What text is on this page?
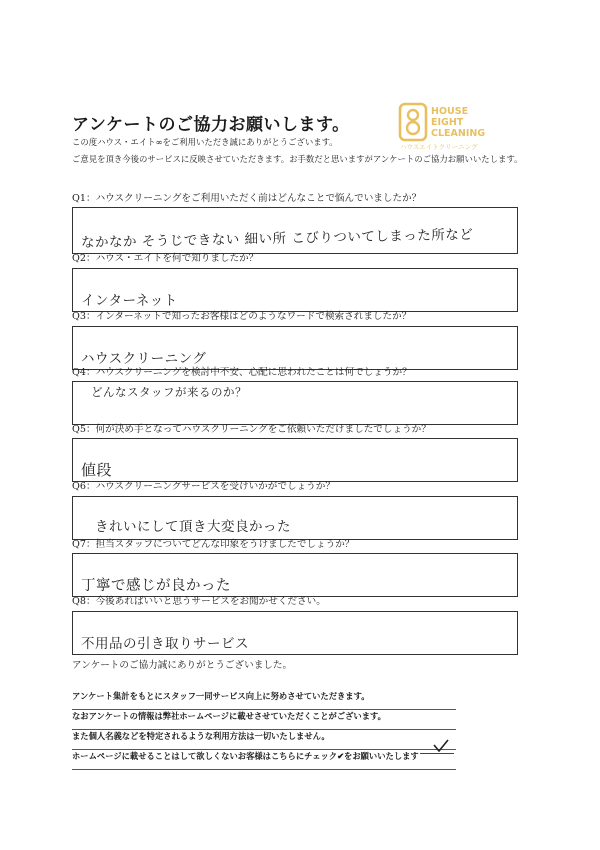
アンケートのご協力お願いします。
この度ハウス・エイト∞をご利用いただき誠にありがとうございます。
ご意見を頂き今後のサービスに反映させていただきます。お手数だと思いますがアンケートのご協力お願いいたします。
HOUSE
EIGHT
CLEANING
ハウスエイトクリーニング
Q1：ハウスクリーニングをご利用いただく前はどんなことで悩んでいましたか？
なかなか そうじできない 細い所 こびりついてしまった所など
Q2：ハウス・エイトを何で知りましたか？
インターネット
Q3：インターネットで知ったお客様はどのようなワードで検索されましたか？
ハウスクリーニング
Q4：ハウスクリーニングを検討中不安、心配に思われたことは何でしょうか？
どんなスタッフが来るのか？
Q5：何が決め手となってハウスクリーニングをご依頼いただけましたでしょうか？
値段
Q6：ハウスクリーニングサービスを受けいかがでしょうか？
きれいにして頂き大変良かった
Q7：担当スタッフについてどんな印象をうけましたでしょうか？
丁寧で感じが良かった
Q8：今後あればいいと思うサービスをお聞かせください。
不用品の引き取りサービス
アンケートのご協力誠にありがとうございました。
アンケート集計をもとにスタッフ一同サービス向上に努めさせていただきます。
なおアンケートの情報は弊社ホームページに載せさせていただくことがございます。
また個人名義などを特定されるような利用方法は一切いたしません。
ホームページに載せることはして欲しくないお客様はこちらにチェック✔をお願いいたします
